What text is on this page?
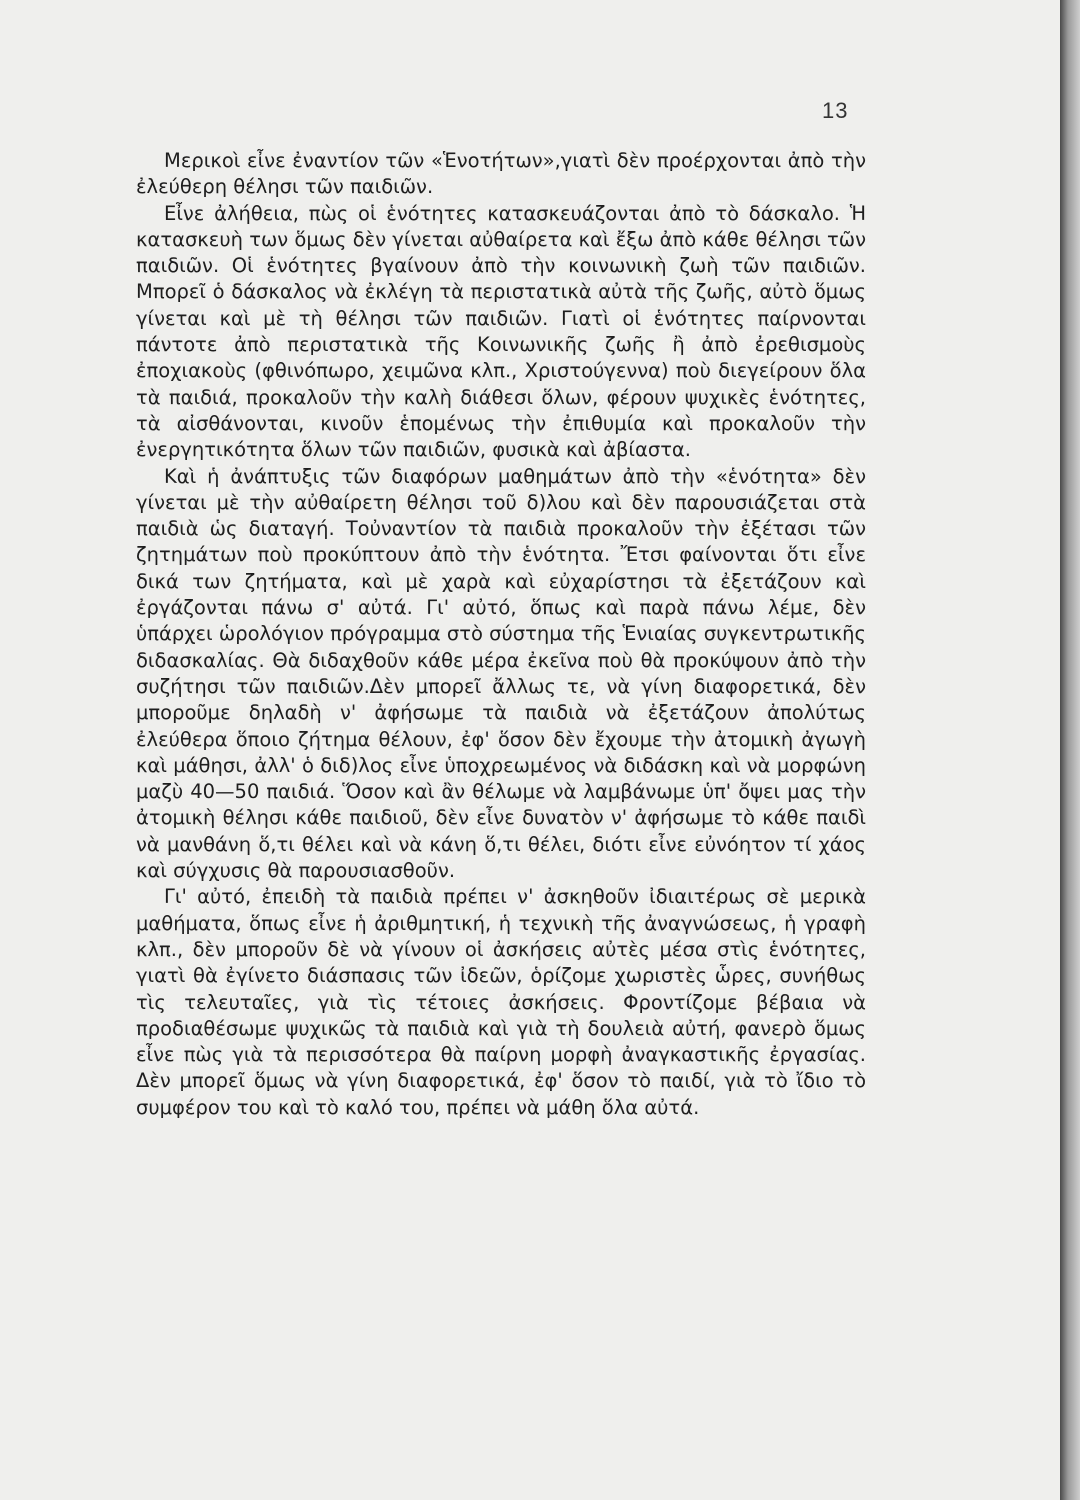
13

Μερικοὶ εἶνε ἐναντίον τῶν «Ἑνοτήτων»,γιατὶ δὲν προέρχονται ἀπὸ τὴν ἐλεύθερη θέλησι τῶν παιδιῶν.

Εἶνε ἀλήθεια, πὼς οἱ ἑνότητες κατασκευάζονται ἀπὸ τὸ δάσκαλο. Ἡ κατασκευὴ των ὅμως δὲν γίνεται αὐθαίρετα καὶ ἔξω ἀπὸ κάθε θέλησι τῶν παιδιῶν. Οἱ ἑνότητες βγαίνουν ἀπὸ τὴν κοινωνικὴ ζωὴ τῶν παιδιῶν. Μπορεῖ ὁ δάσκαλος νὰ ἐκλέγη τὰ περιστατικὰ αὐτὰ τῆς ζωῆς, αὐτὸ ὅμως γίνεται καὶ μὲ τὴ θέλησι τῶν παιδιῶν. Γιατὶ οἱ ἑνότητες παίρνονται πάντοτε ἀπὸ περιστατικὰ τῆς Κοινωνικῆς ζωῆς ἢ ἀπὸ ἐρεθισμοὺς ἐποχιακοὺς (φθινόπωρο, χειμῶνα κλπ., Χριστούγεννα) ποὺ διεγείρουν ὅλα τὰ παιδιά, προκαλοῦν τὴν καλὴ διάθεσι ὅλων, φέρουν ψυχικὲς ἑνότητες, τὰ αἰσθάνονται, κινοῦν ἑπομένως τὴν ἐπιθυμία καὶ προκαλοῦν τὴν ἐνεργητικότητα ὅλων τῶν παιδιῶν, φυσικὰ καὶ ἀβίαστα.

Καὶ ἡ ἀνάπτυξις τῶν διαφόρων μαθημάτων ἀπὸ τὴν «ἑνότητα» δὲν γίνεται μὲ τὴν αὐθαίρετη θέλησι τοῦ δ)λου καὶ δὲν παρουσιάζεται στὰ παιδιὰ ὡς διαταγή. Τοὐναντίον τὰ παιδιὰ προκαλοῦν τὴν ἐξέτασι τῶν ζητημάτων ποὺ προκύπτουν ἀπὸ τὴν ἑνότητα. Ἔτσι φαίνονται ὅτι εἶνε δικά των ζητήματα, καὶ μὲ χαρὰ καὶ εὐχαρίστησι τὰ ἐξετάζουν καὶ ἐργάζονται πάνω σ' αὐτά. Γι' αὐτό, ὅπως καὶ παρὰ πάνω λέμε, δὲν ὑπάρχει ὡρολόγιον πρόγραμμα στὸ σύστημα τῆς Ἑνιαίας συγκεντρωτικῆς διδασκαλίας. Θὰ διδαχθοῦν κάθε μέρα ἐκεῖνα ποὺ θὰ προκύψουν ἀπὸ τὴν συζήτησι τῶν παιδιῶν.Δὲν μπορεῖ ἄλλως τε, νὰ γίνη διαφορετικά, δὲν μποροῦμε δηλαδὴ ν' ἀφήσωμε τὰ παιδιὰ νὰ ἐξετάζουν ἀπολύτως ἐλεύθερα ὅποιο ζήτημα θέλουν, ἐφ' ὅσον δὲν ἔχουμε τὴν ἀτομικὴ ἀγωγὴ καὶ μάθησι, ἀλλ' ὁ διδ)λος εἶνε ὑποχρεωμένος νὰ διδάσκη καὶ νὰ μορφώνη μαζὺ 40—50 παιδιά. Ὅσον καὶ ἂν θέλωμε νὰ λαμβάνωμε ὑπ' ὄψει μας τὴν ἀτομικὴ θέλησι κάθε παιδιοῦ, δὲν εἶνε δυνατὸν ν' ἀφήσωμε τὸ κάθε παιδὶ νὰ μανθάνη ὅ,τι θέλει καὶ νὰ κάνη ὅ,τι θέλει, διότι εἶνε εὐνόητον τί χάος καὶ σύγχυσις θὰ παρουσιασθοῦν.

Γι' αὐτό, ἐπειδὴ τὰ παιδιὰ πρέπει ν' ἀσκηθοῦν ἰδιαιτέρως σὲ μερικὰ μαθήματα, ὅπως εἶνε ἡ ἀριθμητική, ἡ τεχνικὴ τῆς ἀναγνώσεως, ἡ γραφὴ κλπ., δὲν μποροῦν δὲ νὰ γίνουν οἱ ἀσκήσεις αὐτὲς μέσα στὶς ἑνότητες, γιατὶ θὰ ἐγίνετο διάσπασις τῶν ἰδεῶν, ὁρίζομε χωριστὲς ὧρες, συνήθως τὶς τελευταῖες, γιὰ τὶς τέτοιες ἀσκήσεις. Φροντίζομε βέβαια νὰ προδιαθέσωμε ψυχικῶς τὰ παιδιὰ καὶ γιὰ τὴ δουλειὰ αὐτή, φανερὸ ὅμως εἶνε πὼς γιὰ τὰ περισσότερα θὰ παίρνη μορφὴ ἀναγκαστικῆς ἐργασίας. Δὲν μπορεῖ ὅμως νὰ γίνη διαφορετικά, ἐφ' ὅσον τὸ παιδί, γιὰ τὸ ἴδιο τὸ συμφέρον του καὶ τὸ καλό του, πρέπει νὰ μάθη ὅλα αὐτά.
